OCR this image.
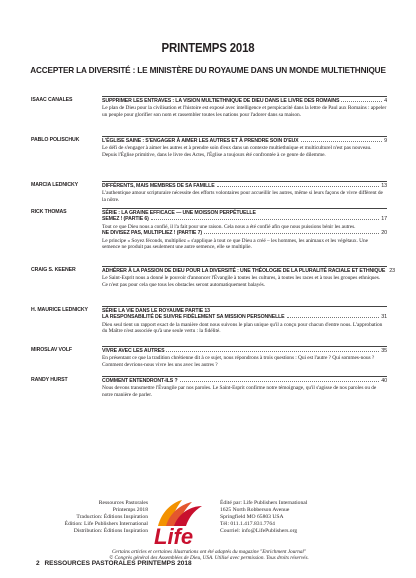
PRINTEMPS 2018
ACCEPTER LA DIVERSITÉ : LE MINISTÈRE DU ROYAUME DANS UN MONDE MULTIETHNIQUE
ISAAC CANALES	SUPPRIMER LES ENTRAVES : LA VISION MULTIETHNIQUE DE DIEU DANS LE LIVRE DES ROMAINS	4
Le plan de Dieu pour la civilisation et l'histoire est exposé avec intelligence et perspicacité dans la lettre de Paul aux Romains : appeler un peuple pour glorifier son nom et rassembler toutes les nations pour l'adorer dans sa maison.
PABLO POLISCHUK	L'ÉGLISE SAINE : S'ENGAGER À AIMER LES AUTRES ET À PRENDRE SOIN D'EUX	9
Le défi de s'engager à aimer les autres et à prendre soin d'eux dans un contexte multiethnique et multiculturel n'est pas nouveau. Depuis l'Église primitive, dans le livre des Actes, l'Église a toujours été confrontée à ce genre de dilemme.
MARCIA LEDNICKY	DIFFÉRENTS, MAIS MEMBRES DE SA FAMILLE	13
L'authentique amour scripturaire nécessite des efforts volontaires pour accueillir les autres, même si leurs façons de vivre diffèrent de la nôtre.
RICK THOMAS	SÉRIE : LA GRAINE EFFICACE — UNE MOISSON PERPÉTUELLE
SEMEZ ! (PARTIE 6)	17
Tout ce que Dieu nous a confié, il l'a fait pour une raison. Cela nous a été confié afin que nous puissions bénir les autres.
NE DIVISEZ PAS, MULTIPLIEZ ! (PARTIE 7)	20
Le principe « Soyez féconds, multipliez » s'applique à tout ce que Dieu a créé – les hommes, les animaux et les végétaux. Une semence ne produit pas seulement une autre semence, elle se multiplie.
CRAIG S. KEENER	ADHÉRER À LA PASSION DE DIEU POUR LA DIVERSITÉ : UNE THÉOLOGIE DE LA PLURALITÉ RACIALE ET ETHNIQUE 23
Le Saint-Esprit nous a donné le pouvoir d'annoncer l'Évangile à toutes les cultures, à toutes les races et à tous les groupes ethniques. Ce n'est pas pour cela que tous les obstacles seront automatiquement balayés.
H. MAURICE LEDNICKY	SÉRIE LA VIE DANS LE ROYAUME PARTIE 13
LA RESPONSABILITÉ DE SUIVRE FIDÈLEMENT SA MISSION PERSONNELLE	31
Dieu seul tient un rapport exact de la manière dont nous suivons le plan unique qu'il a conçu pour chacun d'entre nous. L'approbation du Maître n'est associée qu'à une seule vertu : la fidélité.
MIROSLAV VOLF	VIVRE AVEC LES AUTRES	35
En présentant ce que la tradition chrétienne dit à ce sujet, nous répondrons à trois questions : Qui est l'autre ? Qui sommes-nous ? Comment devrions-nous vivre les uns avec les autres ?
RANDY HURST	COMMENT ENTENDRONT-ILS ?	40
Nous devons transmettre l'Évangile par nos paroles. Le Saint-Esprit confirme notre témoignage, qu'il s'agisse de nos paroles ou de notre manière de parler.
Ressources Pastorales
Printemps 2018
Traduction: Éditions Inspiration
Édition: Life Publishers International
Distribution: Éditions Inspiration Life
Édité par: Life Publishers International
1625 North Robberson Avenue
Springfield MO 65803 USA
Tél: 011.1.417.831.7764
Courriel: info@LifePublishers.org
Certains articles et certaines illustrations ont été adaptés du magazine "Enrichment Journal"
© Congrès général des Assemblées de Dieu, USA. Utilisé avec permission. Tous droits réservés.
2 RESSOURCES PASTORALES PRINTEMPS 2018
